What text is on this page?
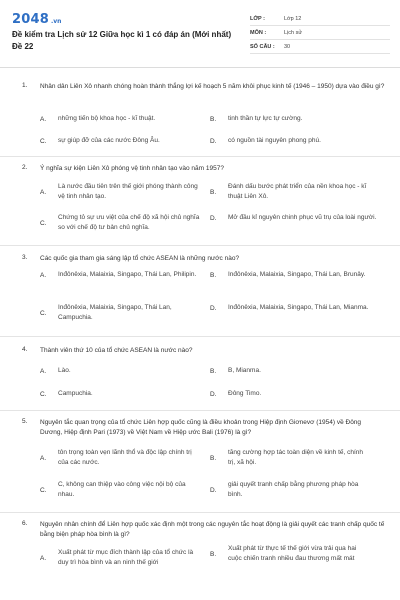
2048 .vn
Đề kiểm tra Lịch sử 12 Giữa học kì 1 có đáp án (Mới nhất)
Đề 22
LỚP :	Lớp 12
MÔN :	Lịch sử
SỐ CÂU :	30
1. Nhân dân Liên Xô nhanh chóng hoàn thành thắng lợi kế hoạch 5 năm khôi phục kinh tế (1946 – 1950) dựa vào điều gì?
A.	những tiến bộ khoa học - kĩ thuật.	B.	tinh thần tự lực tự cường.
C.	sự giúp đỡ của các nước Đông Âu.	D.	có nguồn tài nguyên phong phú.
2. Ý nghĩa sự kiện Liên Xô phóng vệ tinh nhân tạo vào năm 1957?
A.
Là nước đầu tiên trên thế giới phóng thành công vệ tinh nhân tạo.
B.
Đánh dấu bước phát triển của nền khoa học - kĩ thuật Liên Xô.
C.
Chứng tỏ sự ưu việt của chế độ xã hội chủ nghĩa so với chế độ tư bản chủ nghĩa.
D.	Mở đầu kỉ nguyên chinh phục vũ trụ của loài người.
3. Các quốc gia tham gia sáng lập tổ chức ASEAN là những nước nào?
A.	Inđônêxia, Malaixia, Singapo, Thái Lan, Philipin. B.	Inđônêxia, Malaixia, Singapo, Thái Lan, Brunây.
C.
Inđônêxia, Malaixia, Singapo, Thái Lan, Campuchia.
D.	Inđônêxia, Malaixia, Singapo, Thái Lan, Mianma.
4. Thành viên thứ 10 của tổ chức ASEAN là nước nào?
A.	Lào.	B.	B, Mianma.
C.	Campuchia.	D.	Đông Timo.
5. Nguyên tắc quan trọng của tổ chức Liên hợp quốc cũng là điều khoản trong Hiệp định Giơnevơ (1954) về Đông Dương, Hiệp định Pari (1973) về Việt Nam về Hiệp ước Bali (1976) là gì?
A.
tôn trọng toàn vẹn lãnh thổ và độc lập chính trị của các nước.
B.
tăng cường hợp tác toàn diện về kinh tế, chính trị, xã hội.
C.
C, không can thiệp vào công việc nội bộ của nhau.
D.
giải quyết tranh chấp bằng phương pháp hòa bình.
6. Nguyên nhân chính để Liên hợp quốc xác định một trong các nguyên tắc hoạt động là giải quyết các tranh chấp quốc tế bằng biện pháp hòa bình là gì?
A.
Xuất phát từ mục đích thành lập của tổ chức là duy trì hòa bình và an ninh thế giới
B.
Xuất phát từ thực tế thế giới vừa trải qua hai cuộc chiến tranh nhiều đau thương mất mát
